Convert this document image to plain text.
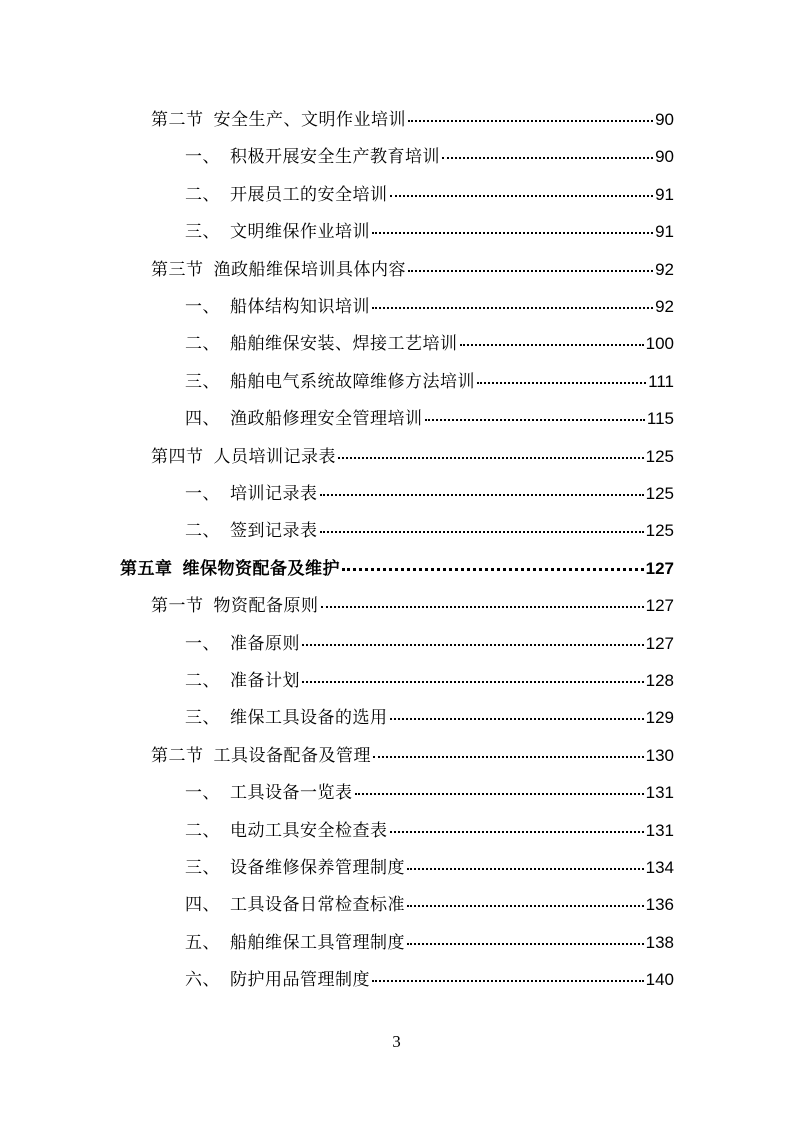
第二节 安全生产、文明作业培训	90
一、 积极开展安全生产教育培训	90
二、 开展员工的安全培训	91
三、 文明维保作业培训	91
第三节 渔政船维保培训具体内容	92
一、 船体结构知识培训	92
二、 船舶维保安装、焊接工艺培训	100
三、 船舶电气系统故障维修方法培训	111
四、 渔政船修理安全管理培训	115
第四节 人员培训记录表	125
一、 培训记录表	125
二、 签到记录表	125
第五章 维保物资配备及维护	127
第一节 物资配备原则	127
一、 准备原则	127
二、 准备计划	128
三、 维保工具设备的选用	129
第二节 工具设备配备及管理	130
一、 工具设备一览表	131
二、 电动工具安全检查表	131
三、 设备维修保养管理制度	134
四、 工具设备日常检查标准	136
五、 船舶维保工具管理制度	138
六、 防护用品管理制度	140
3
